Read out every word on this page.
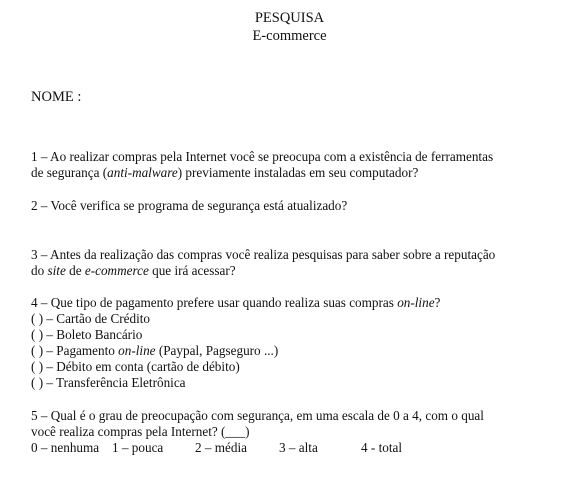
PESQUISA
E-commerce
NOME :
1 – Ao realizar compras pela Internet você se preocupa com a existência de ferramentas
de segurança (anti-malware) previamente instaladas em seu computador?
2 – Você verifica se programa de segurança está atualizado?
3 – Antes da realização das compras você realiza pesquisas para saber sobre a reputação
do site de e-commerce que irá acessar?
4 – Que tipo de pagamento prefere usar quando realiza suas compras on-line?
( ) – Cartão de Crédito
( ) – Boleto Bancário
( ) – Pagamento on-line (Paypal, Pagseguro ...)
( ) – Débito em conta (cartão de débito)
( ) – Transferência Eletrônica
5 – Qual é o grau de preocupação com segurança, em uma escala de 0 a 4, com o qual
você realiza compras pela Internet? (___)
0 – nenhuma 1 – pouca 2 – média 3 – alta	4 - total
